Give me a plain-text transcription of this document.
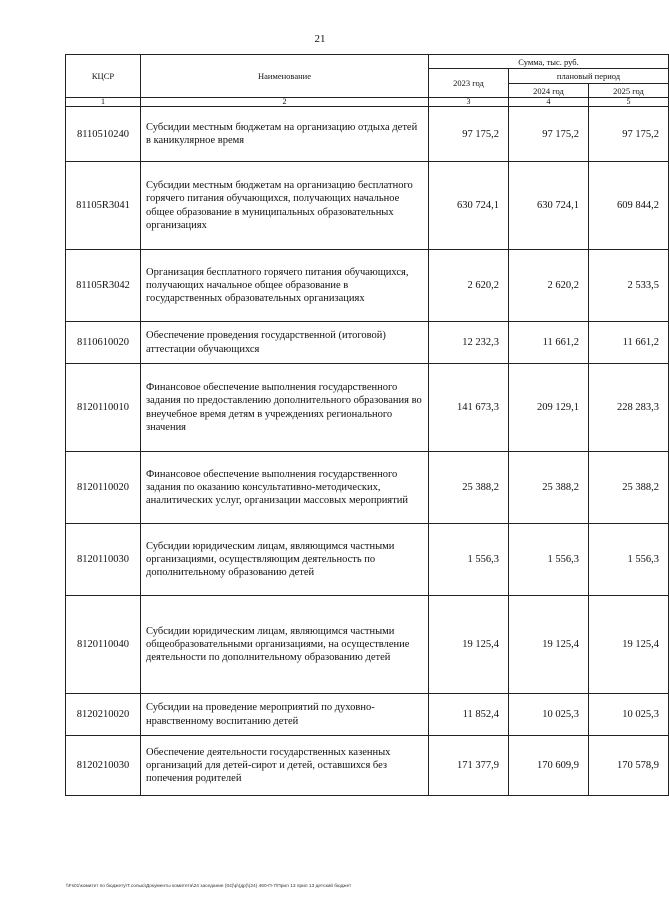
21
КЦСР	Наименование	Сумма, тыс. руб.		
		2023 год	плановый период	
			2024 год	2025 год
1	2	3	4	5
8110510240	Субсидии местным бюджетам на организацию отдыха детей в каникулярное время	97 175,2	97 175,2	97 175,2
81105R3041	Субсидии местным бюджетам на организацию бесплатного горячего питания обучающихся, получающих начальное общее образование в муниципальных образовательных организациях	630 724,1	630 724,1	609 844,2
81105R3042	Организация бесплатного горячего питания обучающихся, получающих начальное общее образование в государственных образовательных организациях	2 620,2	2 620,2	2 533,5
8110610020	Обеспечение проведения государственной (итоговой) аттестации обучающихся	12 232,3	11 661,2	11 661,2
8120110010	Финансовое обеспечение выполнения государственного задания по предоставлению дополнительного образования во внеучебное время детям в учреждениях регионального значения	141 673,3	209 129,1	228 283,3
8120110020	Финансовое обеспечение выполнения государственного задания по оказанию консультативно-методических, аналитических услуг, организации массовых мероприятий	25 388,2	25 388,2	25 388,2
8120110030	Субсидии юридическим лицам, являющимся частными организациями, осуществляющим деятельность по дополнительному образованию детей	1 556,3	1 556,3	1 556,3
8120110040	Субсидии юридическим лицам, являющимся частными общеобразовательными организациями, на осуществление деятельности по дополнительному образованию детей	19 125,4	19 125,4	19 125,4
8120210020	Субсидии на проведение мероприятий по духовно-нравственному воспитанию детей	11 852,4	10 025,3	10 025,3
8120210030	Обеспечение деятельности государственных казенных организаций для детей-сирот и детей, оставшихся без попечения родителей	171 377,9	170 609,9	170 578,9
\\Fs01\комитет по бюджету\Т.солью\Документы комитета\24 заседание (04)\р\(др)\(24) 460-П-7\Прил 13 прил 13 детский бюджет
